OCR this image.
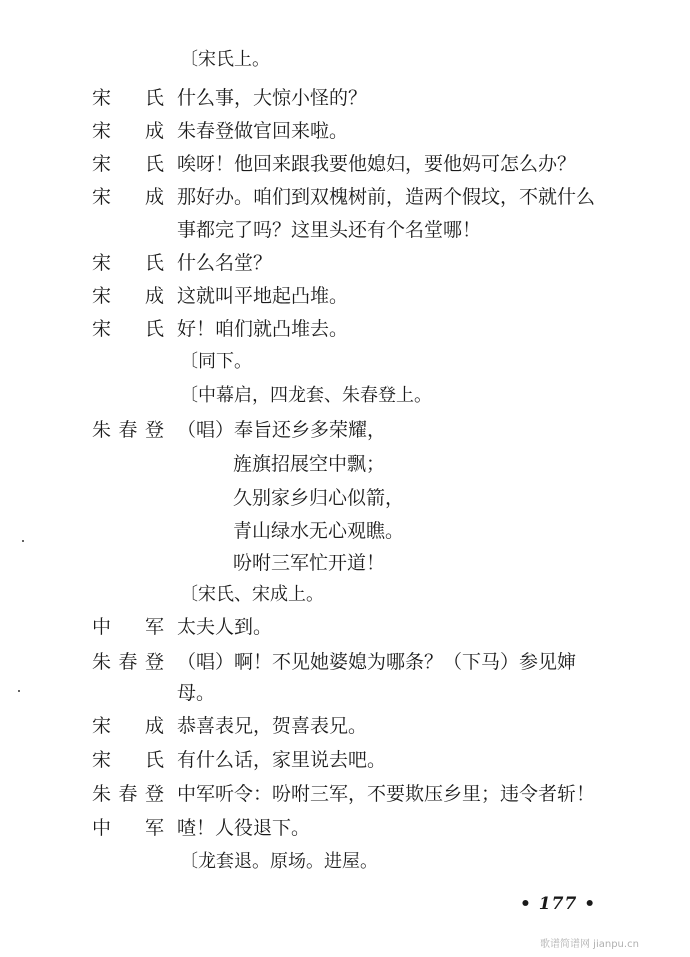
〔宋氏上。
宋氏 什么事，大惊小怪的？
宋成 朱春登做官回来啦。
宋氏 唉呀！他回来跟我要他媳妇，要他妈可怎么办？
宋成 那好办。咱们到双槐树前，造两个假坟，不就什么
事都完了吗？这里头还有个名堂哪！
宋氏 什么名堂？
宋成 这就叫平地起凸堆。
宋氏 好！咱们就凸堆去。
〔同下。
〔中幕启，四龙套、朱春登上。
朱春登 （唱）奉旨还乡多荣耀，
旌旗招展空中飘；
久别家乡归心似箭，
青山绿水无心观瞧。
吩咐三军忙开道！
〔宋氏、宋成上。
中军 太夫人到。
朱春登 （唱）啊！不见她婆媳为哪条？（下马）参见婶
母。
宋成 恭喜表兄，贺喜表兄。
宋氏 有什么话，家里说去吧。
朱春登 中军听令：吩咐三军，不要欺压乡里；违令者斩！
中军 喳！人役退下。
〔龙套退。原场。进屋。
• 177 •
歌谱简谱网 jianpu.cn
